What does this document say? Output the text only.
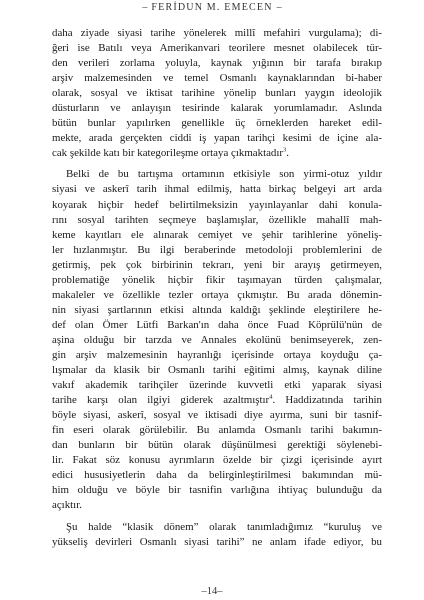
– FERİDUN M. EMECEN –
daha ziyade siyasi tarihe yönelerek millî mefahiri vurgulama); di-
ğeri ise Batılı veya Amerikanvari teorilere mesnet olabilecek tür-
den verileri zorlama yoluyla, kaynak yığının bir tarafa bırakıp
arşiv malzemesinden ve temel Osmanlı kaynaklarından bi-haber
olarak, sosyal ve iktisat tarihine yönelip bunları yaygın ideolojik
düsturların ve anlayışın tesirinde kalarak yorumlamadır. Aslında
bütün bunlar yapılırken genellikle üç örneklerden hareket edil-
mekte, arada gerçekten ciddi iş yapan tarihçi kesimi de içine ala-
cak şekilde katı bir kategorileşme ortaya çıkmaktadır$^3$.
Belki de bu tartışma ortamının etkisiyle son yirmi-otuz yıldır
siyasi ve askerî tarih ihmal edilmiş, hatta birkaç belgeyi art arda
koyarak hiçbir hedef belirtilmeksizin yayınlayanlar dahi konula-
rını sosyal tarihten seçmeye başlamışlar, özellikle mahallî mah-
keme kayıtları ele alınarak cemiyet ve şehir tarihlerine yöneliş-
ler hızlanmıştır. Bu ilgi beraberinde metodoloji problemlerini de
getirmiş, pek çok birbirinin tekrarı, yeni bir arayış getirmeyen,
problematiğe yönelik hiçbir fikir taşımayan türden çalışmalar,
makaleler ve özellikle tezler ortaya çıkmıştır. Bu arada dönemin-
nin siyasi şartlarının etkisi altında kaldığı şeklinde eleştirilere he-
def olan Ömer Lütfi Barkan'ın daha önce Fuad Köprülü'nün de
aşina olduğu bir tarzda ve Annales ekolünü benimseyerek, zen-
gin arşiv malzemesinin hayranlığı içerisinde ortaya koyduğu ça-
lışmalar da klasik bir Osmanlı tarihi eğitimi almış, kaynak diline
vakıf akademik tarihçiler üzerinde kuvvetli etki yaparak siyasi
tarihe karşı olan ilgiyi giderek azaltmıştır$^4$. Haddizatında tarihin
böyle siyasi, askerî, sosyal ve iktisadi diye ayırma, suni bir tasnif-
fin eseri olarak görülebilir. Bu anlamda Osmanlı tarihi bakımın-
dan bunların bir bütün olarak düşünülmesi gerektiği söylenebi-
lir. Fakat söz konusu ayrımların özelde bir çizgi içerisinde ayırt
edici hususiyetlerin daha da belirginleştirilmesi bakımından mü-
him olduğu ve böyle bir tasnifin varlığına ihtiyaç bulunduğu da
açıktır.
Şu halde “klasik dönem” olarak tanımladığımız “kuruluş ve
yükseliş devirleri Osmanlı siyasi tarihi” ne anlam ifade ediyor, bu
–14–
